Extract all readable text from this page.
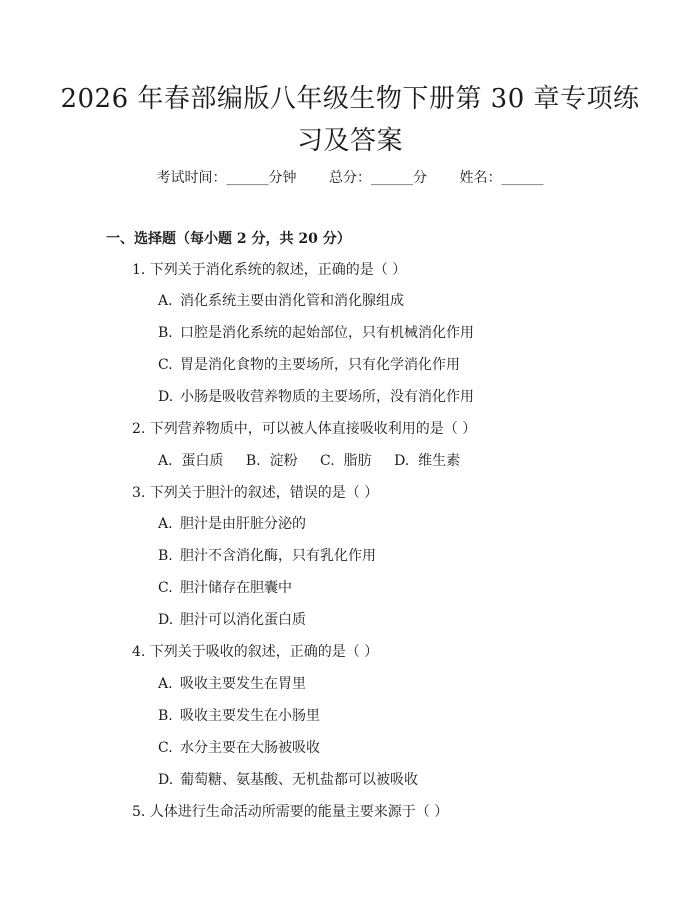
2026 年春部编版八年级生物下册第 30 章专项练习及答案
考试时间：______分钟 总分：______分 姓名：______
一、选择题（每小题 2 分，共 20 分）
1. 下列关于消化系统的叙述，正确的是（ ）
A. 消化系统主要由消化管和消化腺组成
B. 口腔是消化系统的起始部位，只有机械消化作用
C. 胃是消化食物的主要场所，只有化学消化作用
D. 小肠是吸收营养物质的主要场所，没有消化作用
2. 下列营养物质中，可以被人体直接吸收利用的是（ ）
A. 蛋白质 B. 淀粉 C. 脂肪 D. 维生素
3. 下列关于胆汁的叙述，错误的是（ ）
A. 胆汁是由肝脏分泌的
B. 胆汁不含消化酶，只有乳化作用
C. 胆汁储存在胆囊中
D. 胆汁可以消化蛋白质
4. 下列关于吸收的叙述，正确的是（ ）
A. 吸收主要发生在胃里
B. 吸收主要发生在小肠里
C. 水分主要在大肠被吸收
D. 葡萄糖、氨基酸、无机盐都可以被吸收
5. 人体进行生命活动所需要的能量主要来源于（ ）
